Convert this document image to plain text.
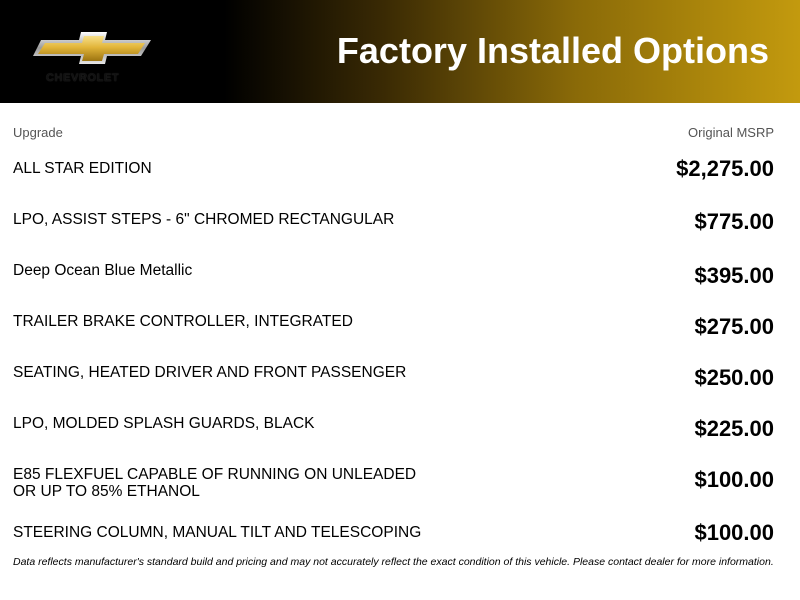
CHEVROLET
Factory Installed Options
Upgrade	Original MSRP
ALL STAR EDITION	$2,275.00
LPO, ASSIST STEPS - 6" CHROMED RECTANGULAR	$775.00
Deep Ocean Blue Metallic	$395.00
TRAILER BRAKE CONTROLLER, INTEGRATED	$275.00
SEATING, HEATED DRIVER AND FRONT PASSENGER	$250.00
LPO, MOLDED SPLASH GUARDS, BLACK	$225.00
E85 FLEXFUEL CAPABLE OF RUNNING ON UNLEADED OR UP TO 85% ETHANOL	$100.00
STEERING COLUMN, MANUAL TILT AND TELESCOPING	$100.00
Data reflects manufacturer's standard build and pricing and may not accurately reflect the exact condition of this vehicle. Please contact dealer for more information.
